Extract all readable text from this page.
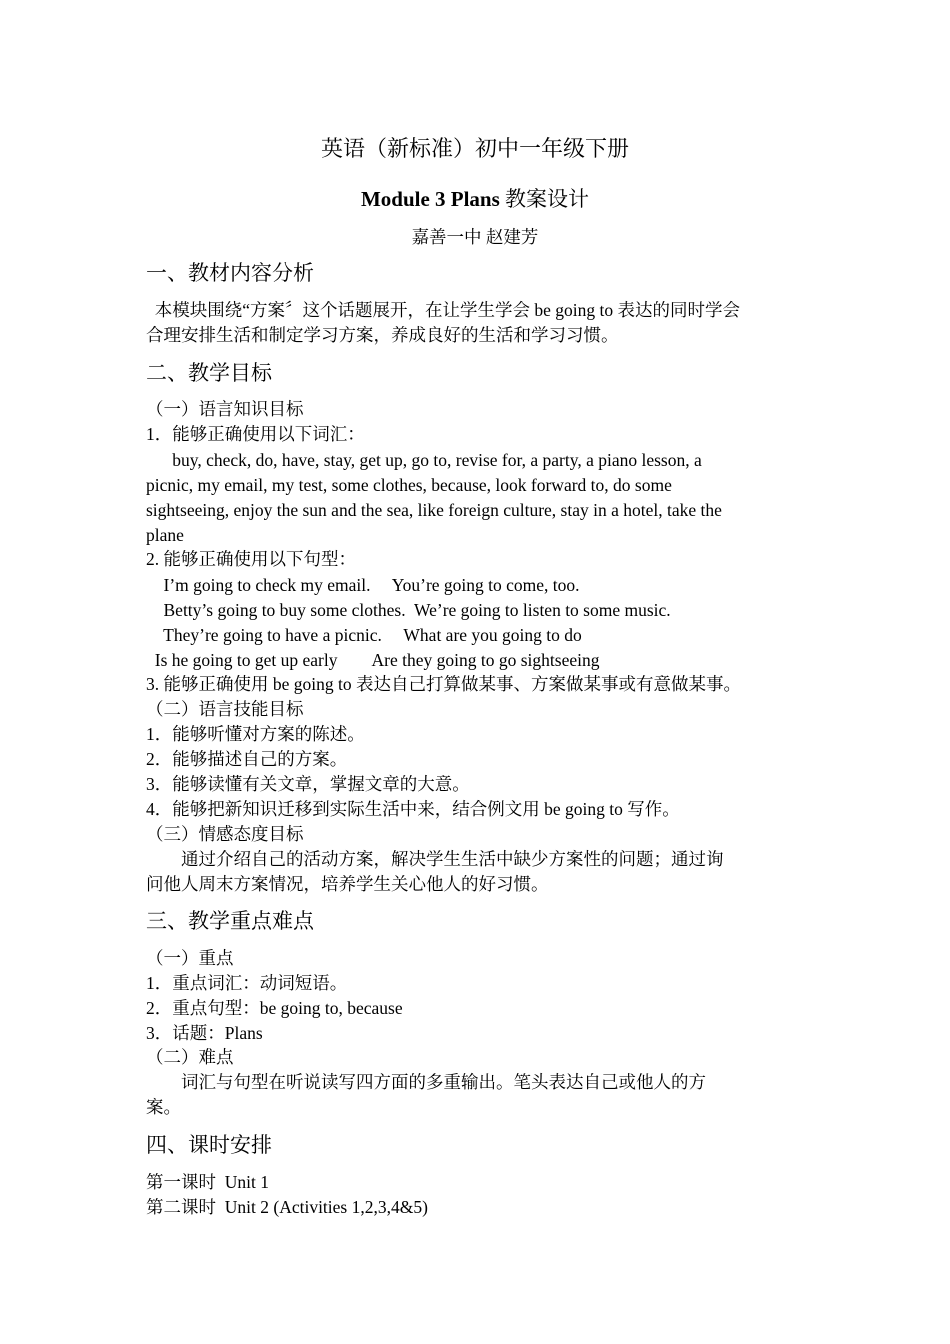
英语（新标准）初中一年级下册
Module 3 Plans 教案设计
嘉善一中 赵建芳
一、教材内容分析
本模块围绕“方案〞这个话题展开，在让学生学会 be going to 表达的同时学会
合理安排生活和制定学习方案，养成良好的生活和学习习惯。
二、教学目标
（一）语言知识目标
1．能够正确使用以下词汇：
buy, check, do, have, stay, get up, go to, revise for, a party, a piano lesson, a
picnic, my email, my test, some clothes, because, look forward to, do some
sightseeing, enjoy the sun and the sea, like foreign culture, stay in a hotel, take the
plane
2. 能够正确使用以下句型：
I’m going to check my email.     You’re going to come, too.
Betty’s going to buy some clothes.  We’re going to listen to some music.
They’re going to have a picnic.     What are you going to do
Is he going to get up early        Are they going to go sightseeing
3. 能够正确使用 be going to 表达自己打算做某事、方案做某事或有意做某事。
（二）语言技能目标
1．能够听懂对方案的陈述。
2．能够描述自己的方案。
3．能够读懂有关文章，掌握文章的大意。
4．能够把新知识迁移到实际生活中来，结合例文用 be going to 写作。
（三）情感态度目标
通过介绍自己的活动方案，解决学生生活中缺少方案性的问题；通过询
问他人周末方案情况，培养学生关心他人的好习惯。
三、教学重点难点
（一）重点
1．重点词汇：动词短语。
2．重点句型：be going to, because
3．话题：Plans
（二）难点
词汇与句型在听说读写四方面的多重输出。笔头表达自己或他人的方
案。
四、课时安排
第一课时  Unit 1
第二课时  Unit 2 (Activities 1,2,3,4&5)
